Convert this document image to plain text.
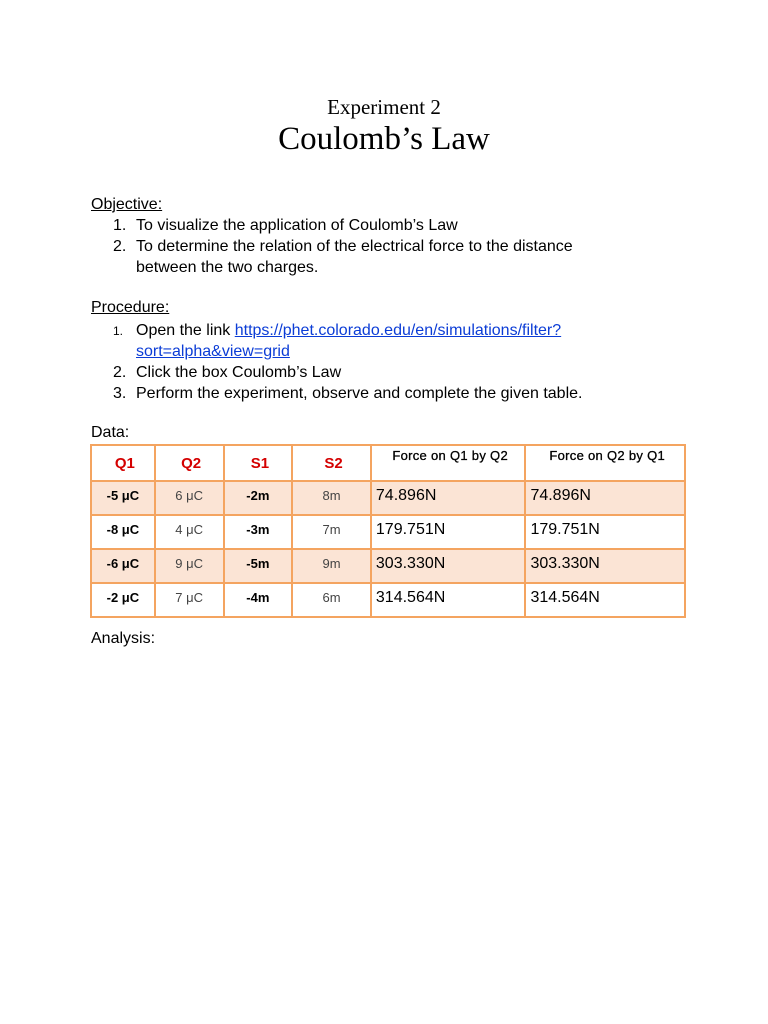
Experiment 2
Coulomb’s Law
Objective:
1. To visualize the application of Coulomb’s Law
2. To determine the relation of the electrical force to the distance
between the two charges.
Procedure:
1. Open the link https://phet.colorado.edu/en/simulations/filter?
sort=alpha&view=grid
2. Click the box Coulomb’s Law
3. Perform the experiment, observe and complete the given table.
Data:
Q1	Q2	S1	S2	Force on Q1 by Q2	Force on Q2 by Q1
-5 μC	6 μC	-2m	8m	74.896N	74.896N
-8 μC	4 μC	-3m	7m	179.751N	179.751N
-6 μC	9 μC	-5m	9m	303.330N	303.330N
-2 μC	7 μC	-4m	6m	314.564N	314.564N
Analysis:
